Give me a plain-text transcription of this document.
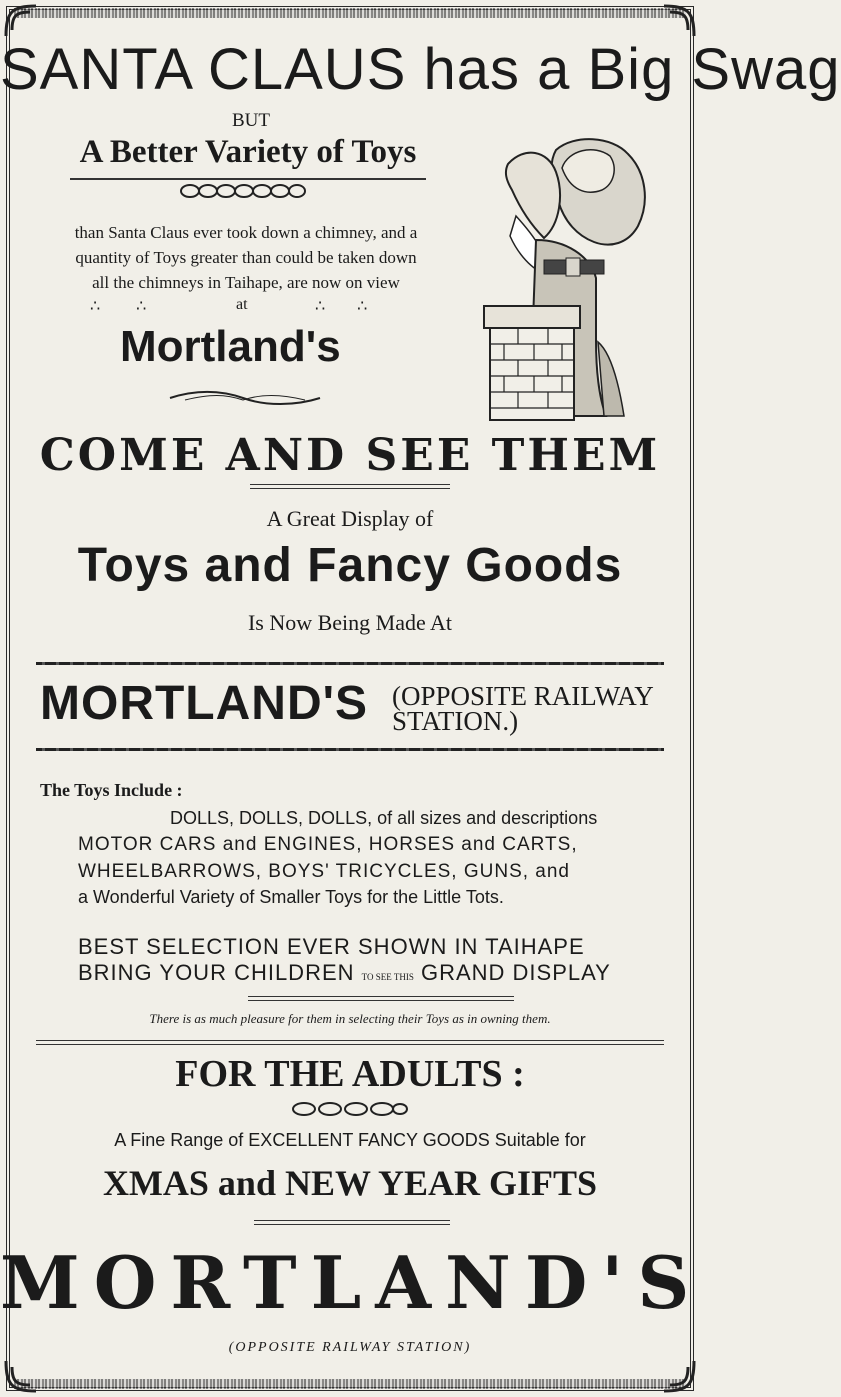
SANTA CLAUS has a Big Swag
BUT
A Better Variety of Toys
than Santa Claus ever took down a chimney, and a
quantity of Toys greater than could be taken down
all the chimneys in Taihape, are now on view
∴         ∴	at	∴        ∴
Mortland's
COME AND SEE THEM
A Great Display of
Toys and Fancy Goods
Is Now Being Made At
MORTLAND'S (OPPOSITE RAILWAY STATION.)
The Toys Include :
DOLLS, DOLLS, DOLLS, of all sizes and descriptions
MOTOR CARS and ENGINES, HORSES and CARTS,
WHEELBARROWS, BOYS' TRICYCLES, GUNS, and
a Wonderful Variety of Smaller Toys for the Little Tots.
BEST SELECTION EVER SHOWN IN TAIHAPE
BRING YOUR CHILDREN TO SEE THIS GRAND DISPLAY
There is as much pleasure for them in selecting their Toys as in owning them.
FOR THE ADULTS :
A Fine Range of EXCELLENT FANCY GOODS Suitable for
XMAS and NEW YEAR GIFTS
MORTLAND'S
(OPPOSITE RAILWAY STATION)
